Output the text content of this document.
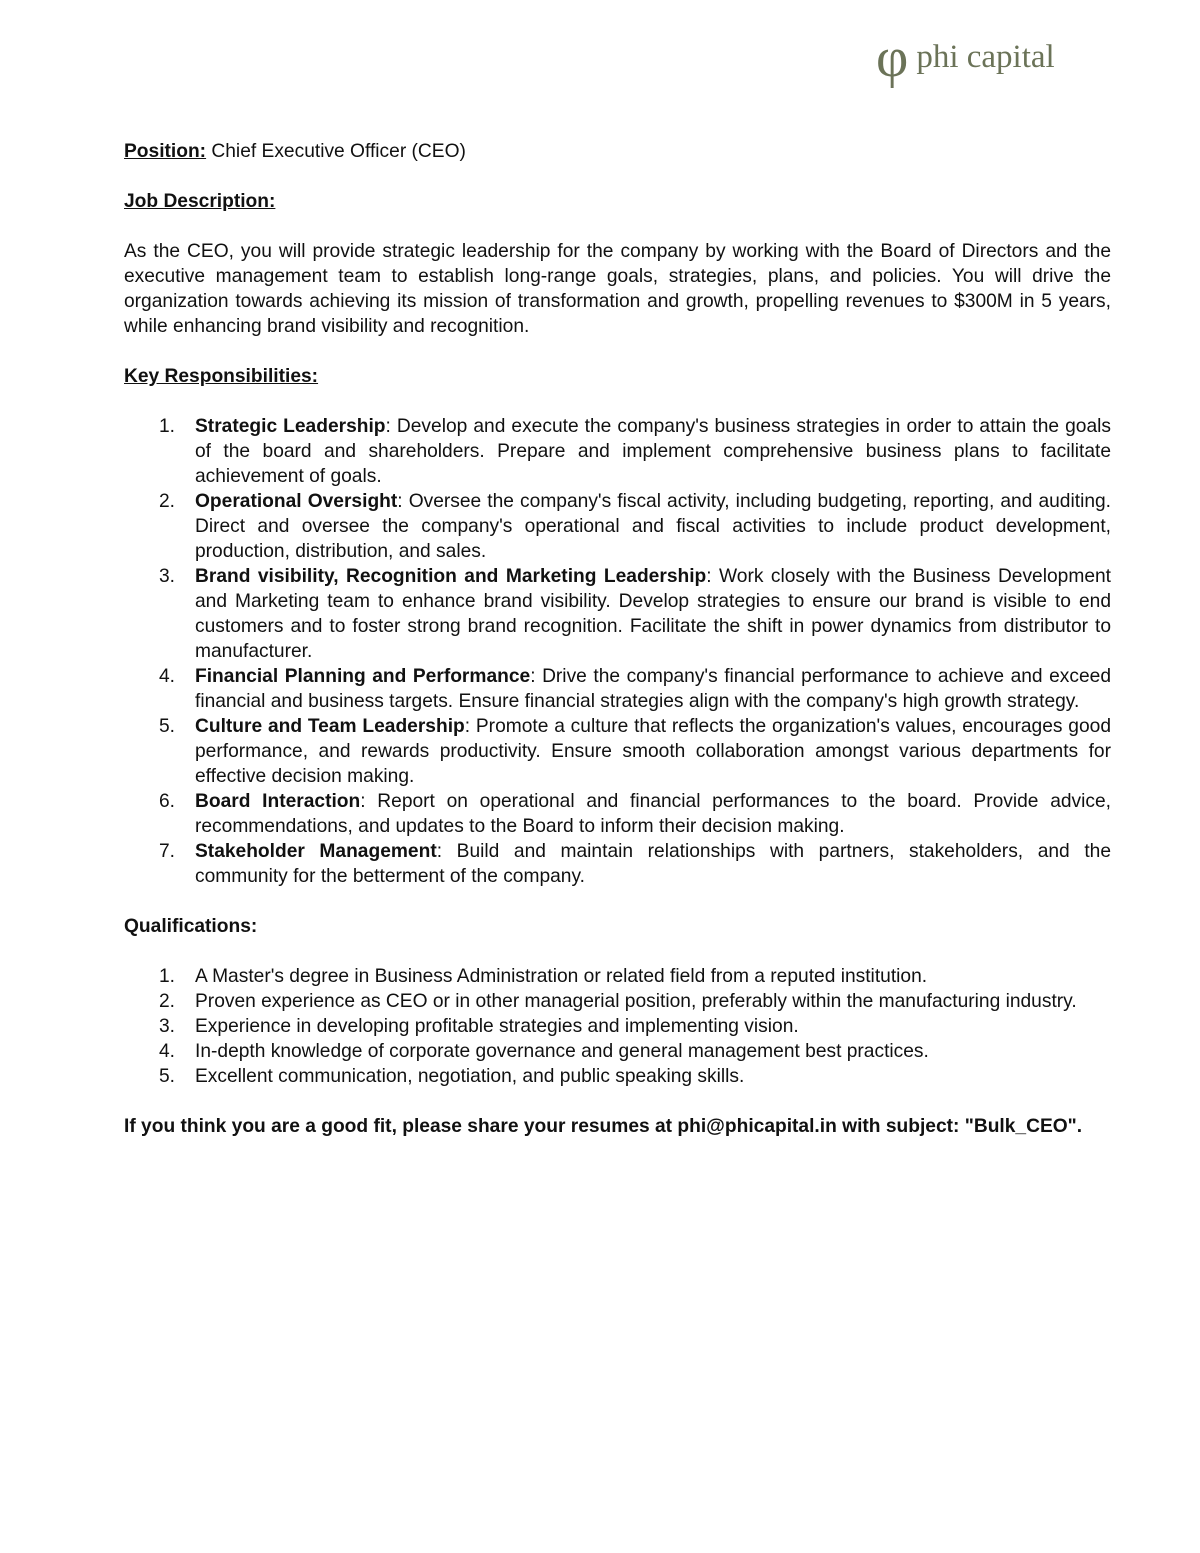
φ phi capital

Position: Chief Executive Officer (CEO)

Job Description:

As the CEO, you will provide strategic leadership for the company by working with the Board of Directors and the executive management team to establish long-range goals, strategies, plans, and policies. You will drive the organization towards achieving its mission of transformation and growth, propelling revenues to $300M in 5 years, while enhancing brand visibility and recognition.

Key Responsibilities:

1.	Strategic Leadership: Develop and execute the company's business strategies in order to attain the goals of the board and shareholders. Prepare and implement comprehensive business plans to facilitate achievement of goals.
2.	Operational Oversight: Oversee the company's fiscal activity, including budgeting, reporting, and auditing. Direct and oversee the company's operational and fiscal activities to include product development, production, distribution, and sales.
3.	Brand visibility, Recognition and Marketing Leadership: Work closely with the Business Development and Marketing team to enhance brand visibility. Develop strategies to ensure our brand is visible to end customers and to foster strong brand recognition. Facilitate the shift in power dynamics from distributor to manufacturer.
4.	Financial Planning and Performance: Drive the company's financial performance to achieve and exceed financial and business targets. Ensure financial strategies align with the company's high growth strategy.
5.	Culture and Team Leadership: Promote a culture that reflects the organization's values, encourages good performance, and rewards productivity. Ensure smooth collaboration amongst various departments for effective decision making.
6.	Board Interaction: Report on operational and financial performances to the board. Provide advice, recommendations, and updates to the Board to inform their decision making.
7.	Stakeholder Management: Build and maintain relationships with partners, stakeholders, and the community for the betterment of the company.

Qualifications:

1.	A Master's degree in Business Administration or related field from a reputed institution.
2.	Proven experience as CEO or in other managerial position, preferably within the manufacturing industry.
3.	Experience in developing profitable strategies and implementing vision.
4.	In-depth knowledge of corporate governance and general management best practices.
5.	Excellent communication, negotiation, and public speaking skills.

If you think you are a good fit, please share your resumes at phi@phicapital.in with subject: "Bulk_CEO".
